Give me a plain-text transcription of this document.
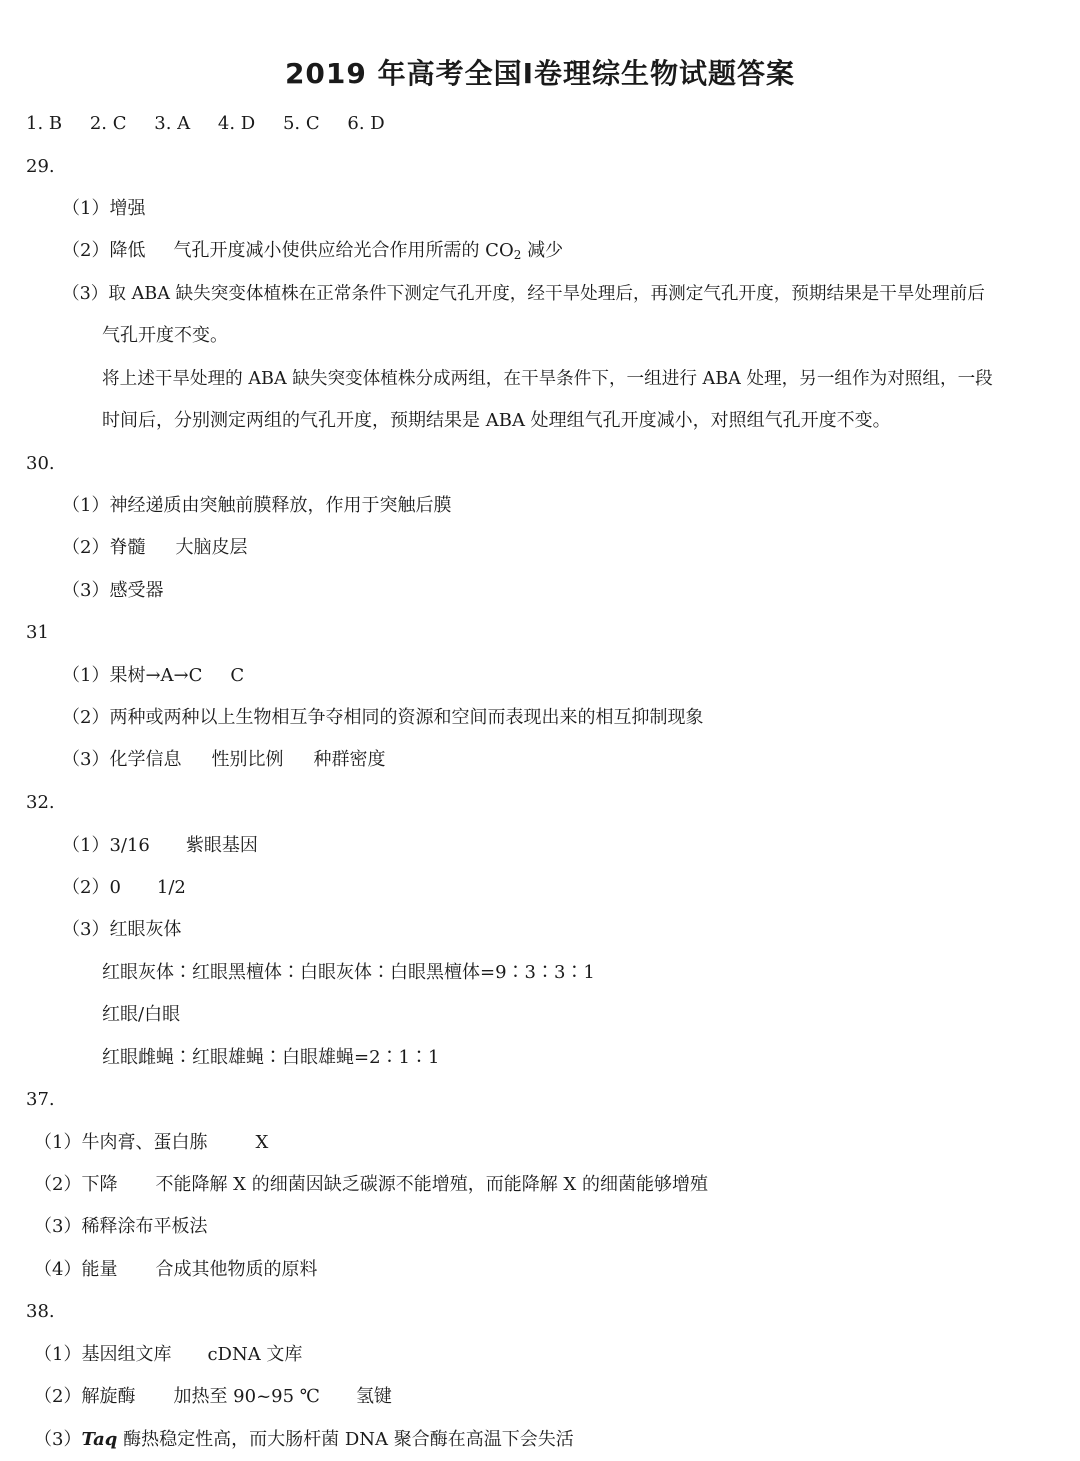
2019 年高考全国Ⅰ卷理综生物试题答案
1. B 2. C 3. A 4. D 5. C 6. D
29.
（1）增强
（2）降低 气孔开度减小使供应给光合作用所需的 $CO_2$ 减少
（3）取 ABA 缺失突变体植株在正常条件下测定气孔开度，经干旱处理后，再测定气孔开度，预期结果是干旱处理前后
气孔开度不变。
将上述干旱处理的 ABA 缺失突变体植株分成两组，在干旱条件下，一组进行 ABA 处理，另一组作为对照组，一段
时间后，分别测定两组的气孔开度，预期结果是 ABA 处理组气孔开度减小，对照组气孔开度不变。
30.
（1）神经递质由突触前膜释放，作用于突触后膜
（2）脊髓 大脑皮层
（3）感受器
31
（1）果树→A→C C
（2）两种或两种以上生物相互争夺相同的资源和空间而表现出来的相互抑制现象
（3）化学信息 性别比例 种群密度
32.
（1）3/16 紫眼基因
（2）0 1/2
（3）红眼灰体
红眼灰体∶红眼黑檀体∶白眼灰体∶白眼黑檀体=9∶3∶3∶1
红眼/白眼
红眼雌蝇∶红眼雄蝇∶白眼雄蝇=2∶1∶1
37.
（1）牛肉膏、蛋白胨	X
（2）下降 不能降解 X 的细菌因缺乏碳源不能增殖，而能降解 X 的细菌能够增殖
（3）稀释涂布平板法
（4）能量 合成其他物质的原料
38.
（1）基因组文库 cDNA 文库
（2）解旋酶 加热至 90~95 ℃ 氢键
（3）Taq 酶热稳定性高，而大肠杆菌 DNA 聚合酶在高温下会失活
